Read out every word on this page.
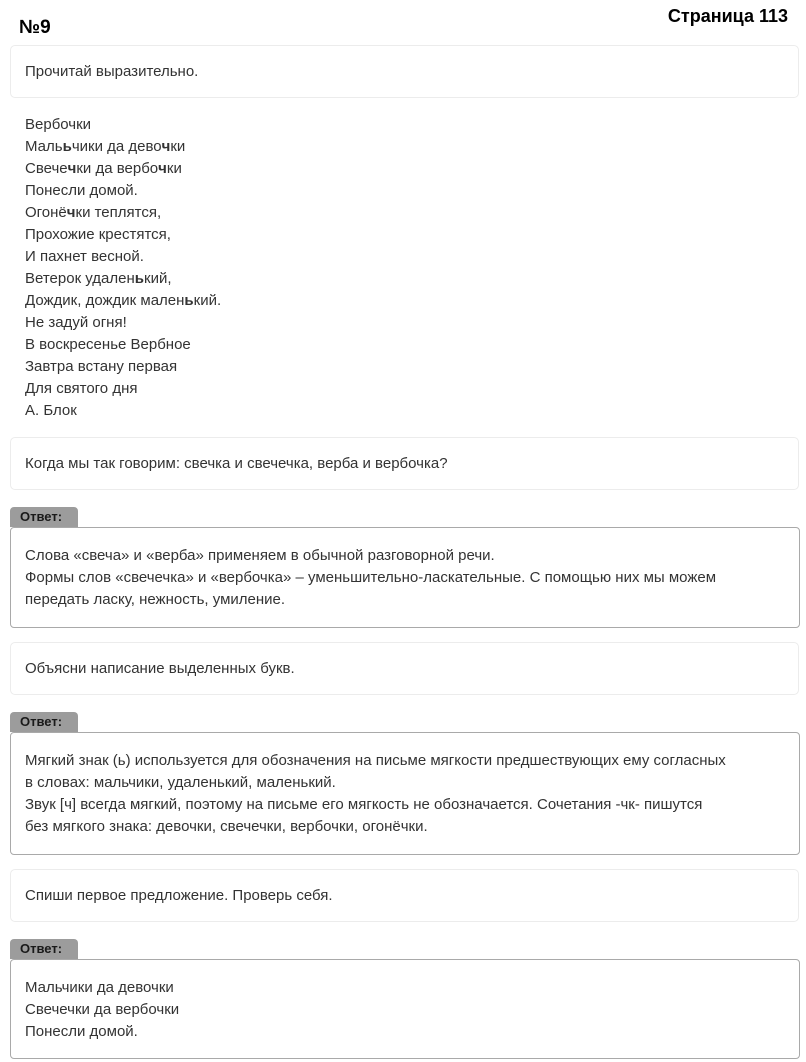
№9
Страница 113
Прочитай выразительно.
Вербочки
Малььчики да девочки
Свечечки да вербочки
Понесли домой.
Огонёчки теплятся,
Прохожие крестятся,
И пахнет весной.
Ветерок удаленький,
Дождик, дождик маленький.
Не задуй огня!
В воскресенье Вербное
Завтра встану первая
Для святого дня
А. Блок
Когда мы так говорим: свечка и свечечка, верба и вербочка?
Ответ:
Слова «свеча» и «верба» применяем в обычной разговорной речи.
Формы слов «свечечка» и «вербочка» – уменьшительно-ласкательные. С помощью них мы можем
передать ласку, нежность, умиление.
Объясни написание выделенных букв.
Ответ:
Мягкий знак (ь) используется для обозначения на письме мягкости предшествующих ему согласных
в словах: мальчики, удаленький, маленький.
Звук [ч] всегда мягкий, поэтому на письме его мягкость не обозначается. Сочетания -чк- пишутся
без мягкого знака: девочки, свечечки, вербочки, огонёчки.
Спиши первое предложение. Проверь себя.
Ответ:
Мальчики да девочки
Свечечки да вербочки
Понесли домой.
